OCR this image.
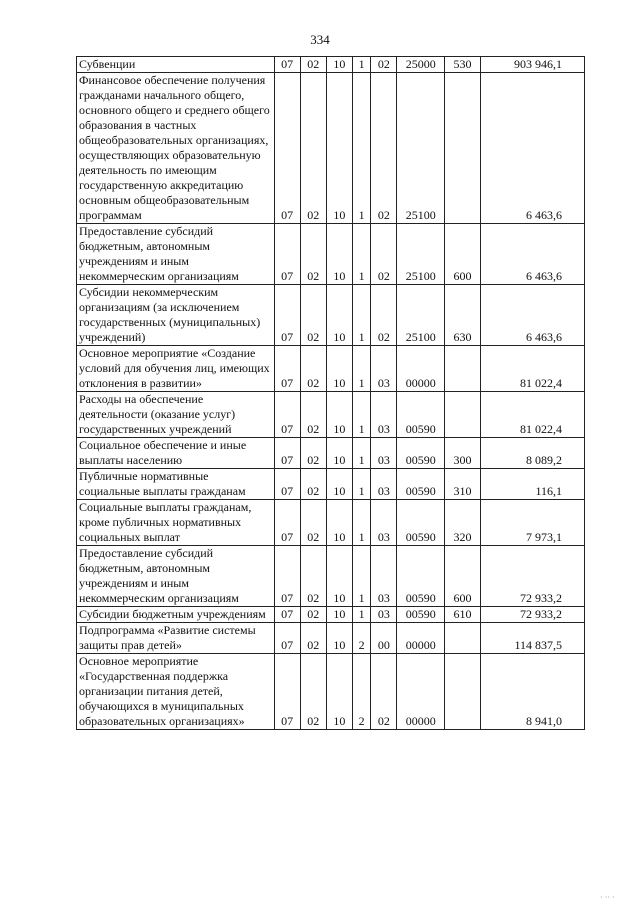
334
Субвенции	07	02	10	1	02	25000	530	903 946,1
Финансовое обеспечение получения гражданами начального общего, основного общего и среднего общего образования в частных общеобразовательных организациях, осуществляющих образовательную деятельность по имеющим государственную аккредитацию основным общеобразовательным программам	07	02	10	1	02	25100		6 463,6
Предоставление субсидий бюджетным, автономным учреждениям и иным некоммерческим организациям	07	02	10	1	02	25100	600	6 463,6
Субсидии некоммерческим организациям (за исключением государственных (муниципальных) учреждений)	07	02	10	1	02	25100	630	6 463,6
Основное мероприятие «Создание условий для обучения лиц, имеющих отклонения в развитии»	07	02	10	1	03	00000		81 022,4
Расходы на обеспечение деятельности (оказание услуг) государственных учреждений	07	02	10	1	03	00590		81 022,4
Социальное обеспечение и иные выплаты населению	07	02	10	1	03	00590	300	8 089,2
Публичные нормативные социальные выплаты гражданам	07	02	10	1	03	00590	310	116,1
Социальные выплаты гражданам, кроме публичных нормативных социальных выплат	07	02	10	1	03	00590	320	7 973,1
Предоставление субсидий бюджетным, автономным учреждениям и иным некоммерческим организациям	07	02	10	1	03	00590	600	72 933,2
Субсидии бюджетным учреждениям	07	02	10	1	03	00590	610	72 933,2
Подпрограмма «Развитие системы защиты прав детей»	07	02	10	2	00	00000		114 837,5
Основное мероприятие «Государственная поддержка организации питания детей, обучающихся в муниципальных образовательных организациях»	07	02	10	2	02	00000		8 941,0
· ·· ·
